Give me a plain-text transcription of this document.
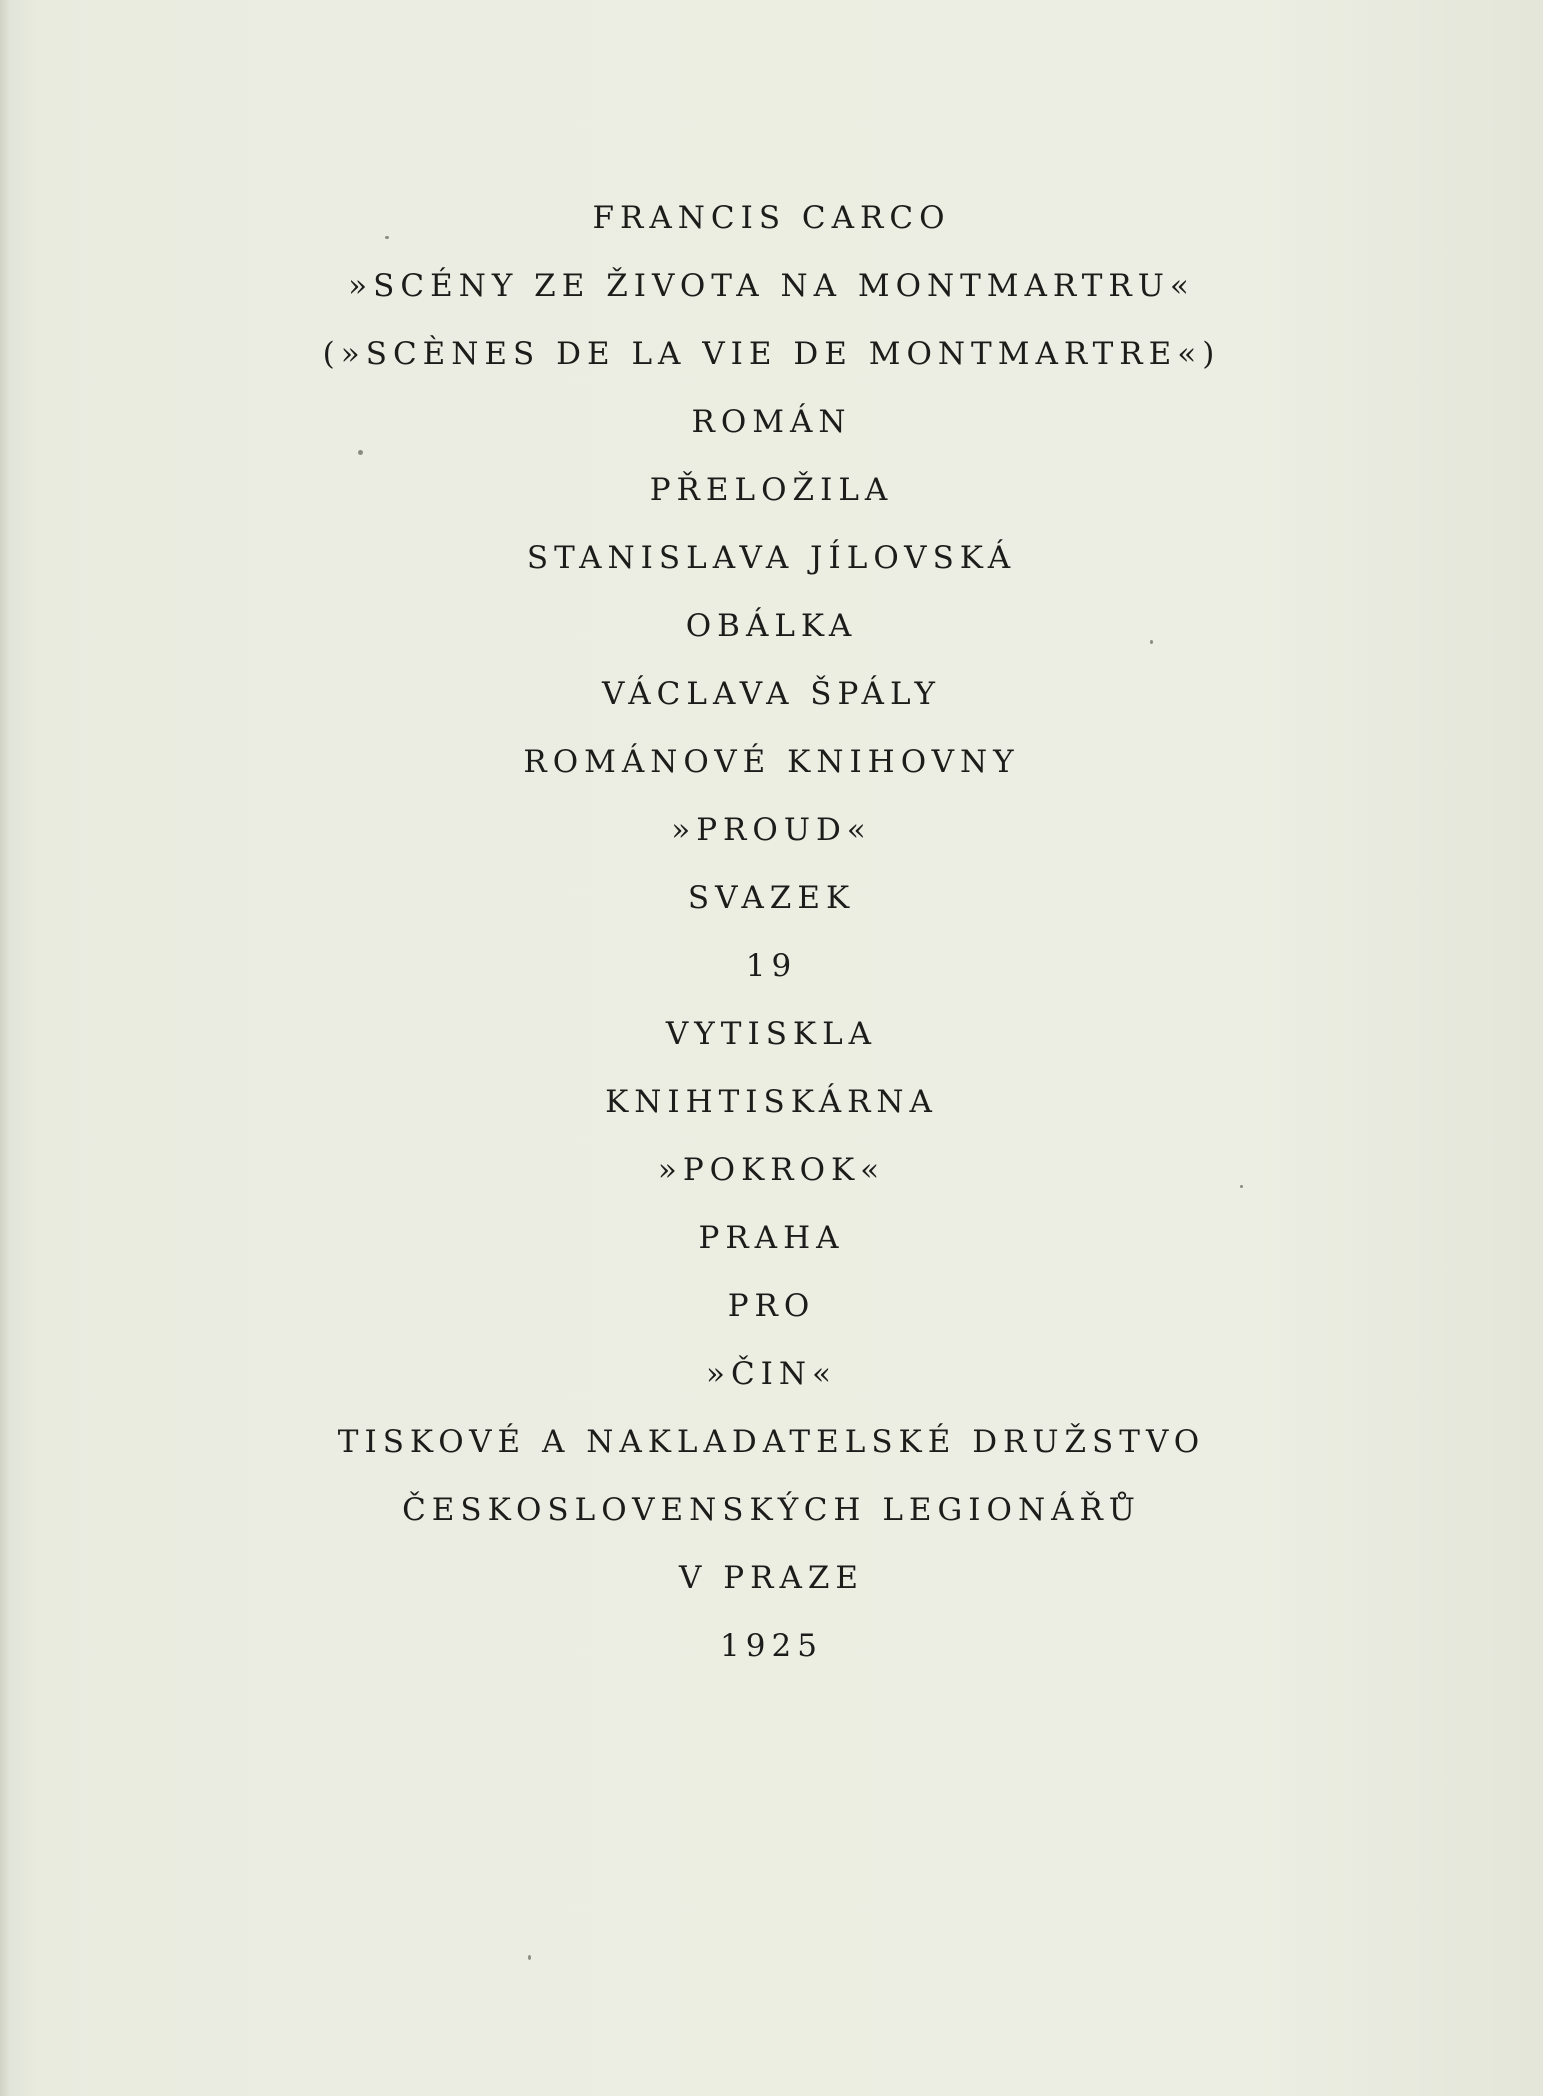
FRANCIS CARCO
»SCÉNY ZE ŽIVOTA NA MONTMARTRU«
(»SCÈNES DE LA VIE DE MONTMARTRE«)
ROMÁN
PŘELOŽILA
STANISLAVA JÍLOVSKÁ
OBÁLKA
VÁCLAVA ŠPÁLY
ROMÁNOVÉ KNIHOVNY
»PROUD«
SVAZEK
19
VYTISKLA
KNIHTISKÁRNA
»POKROK«
PRAHA
PRO
»ČIN«
TISKOVÉ A NAKLADATELSKÉ DRUŽSTVO
ČESKOSLOVENSKÝCH LEGIONÁŘŮ
V PRAZE
1925
